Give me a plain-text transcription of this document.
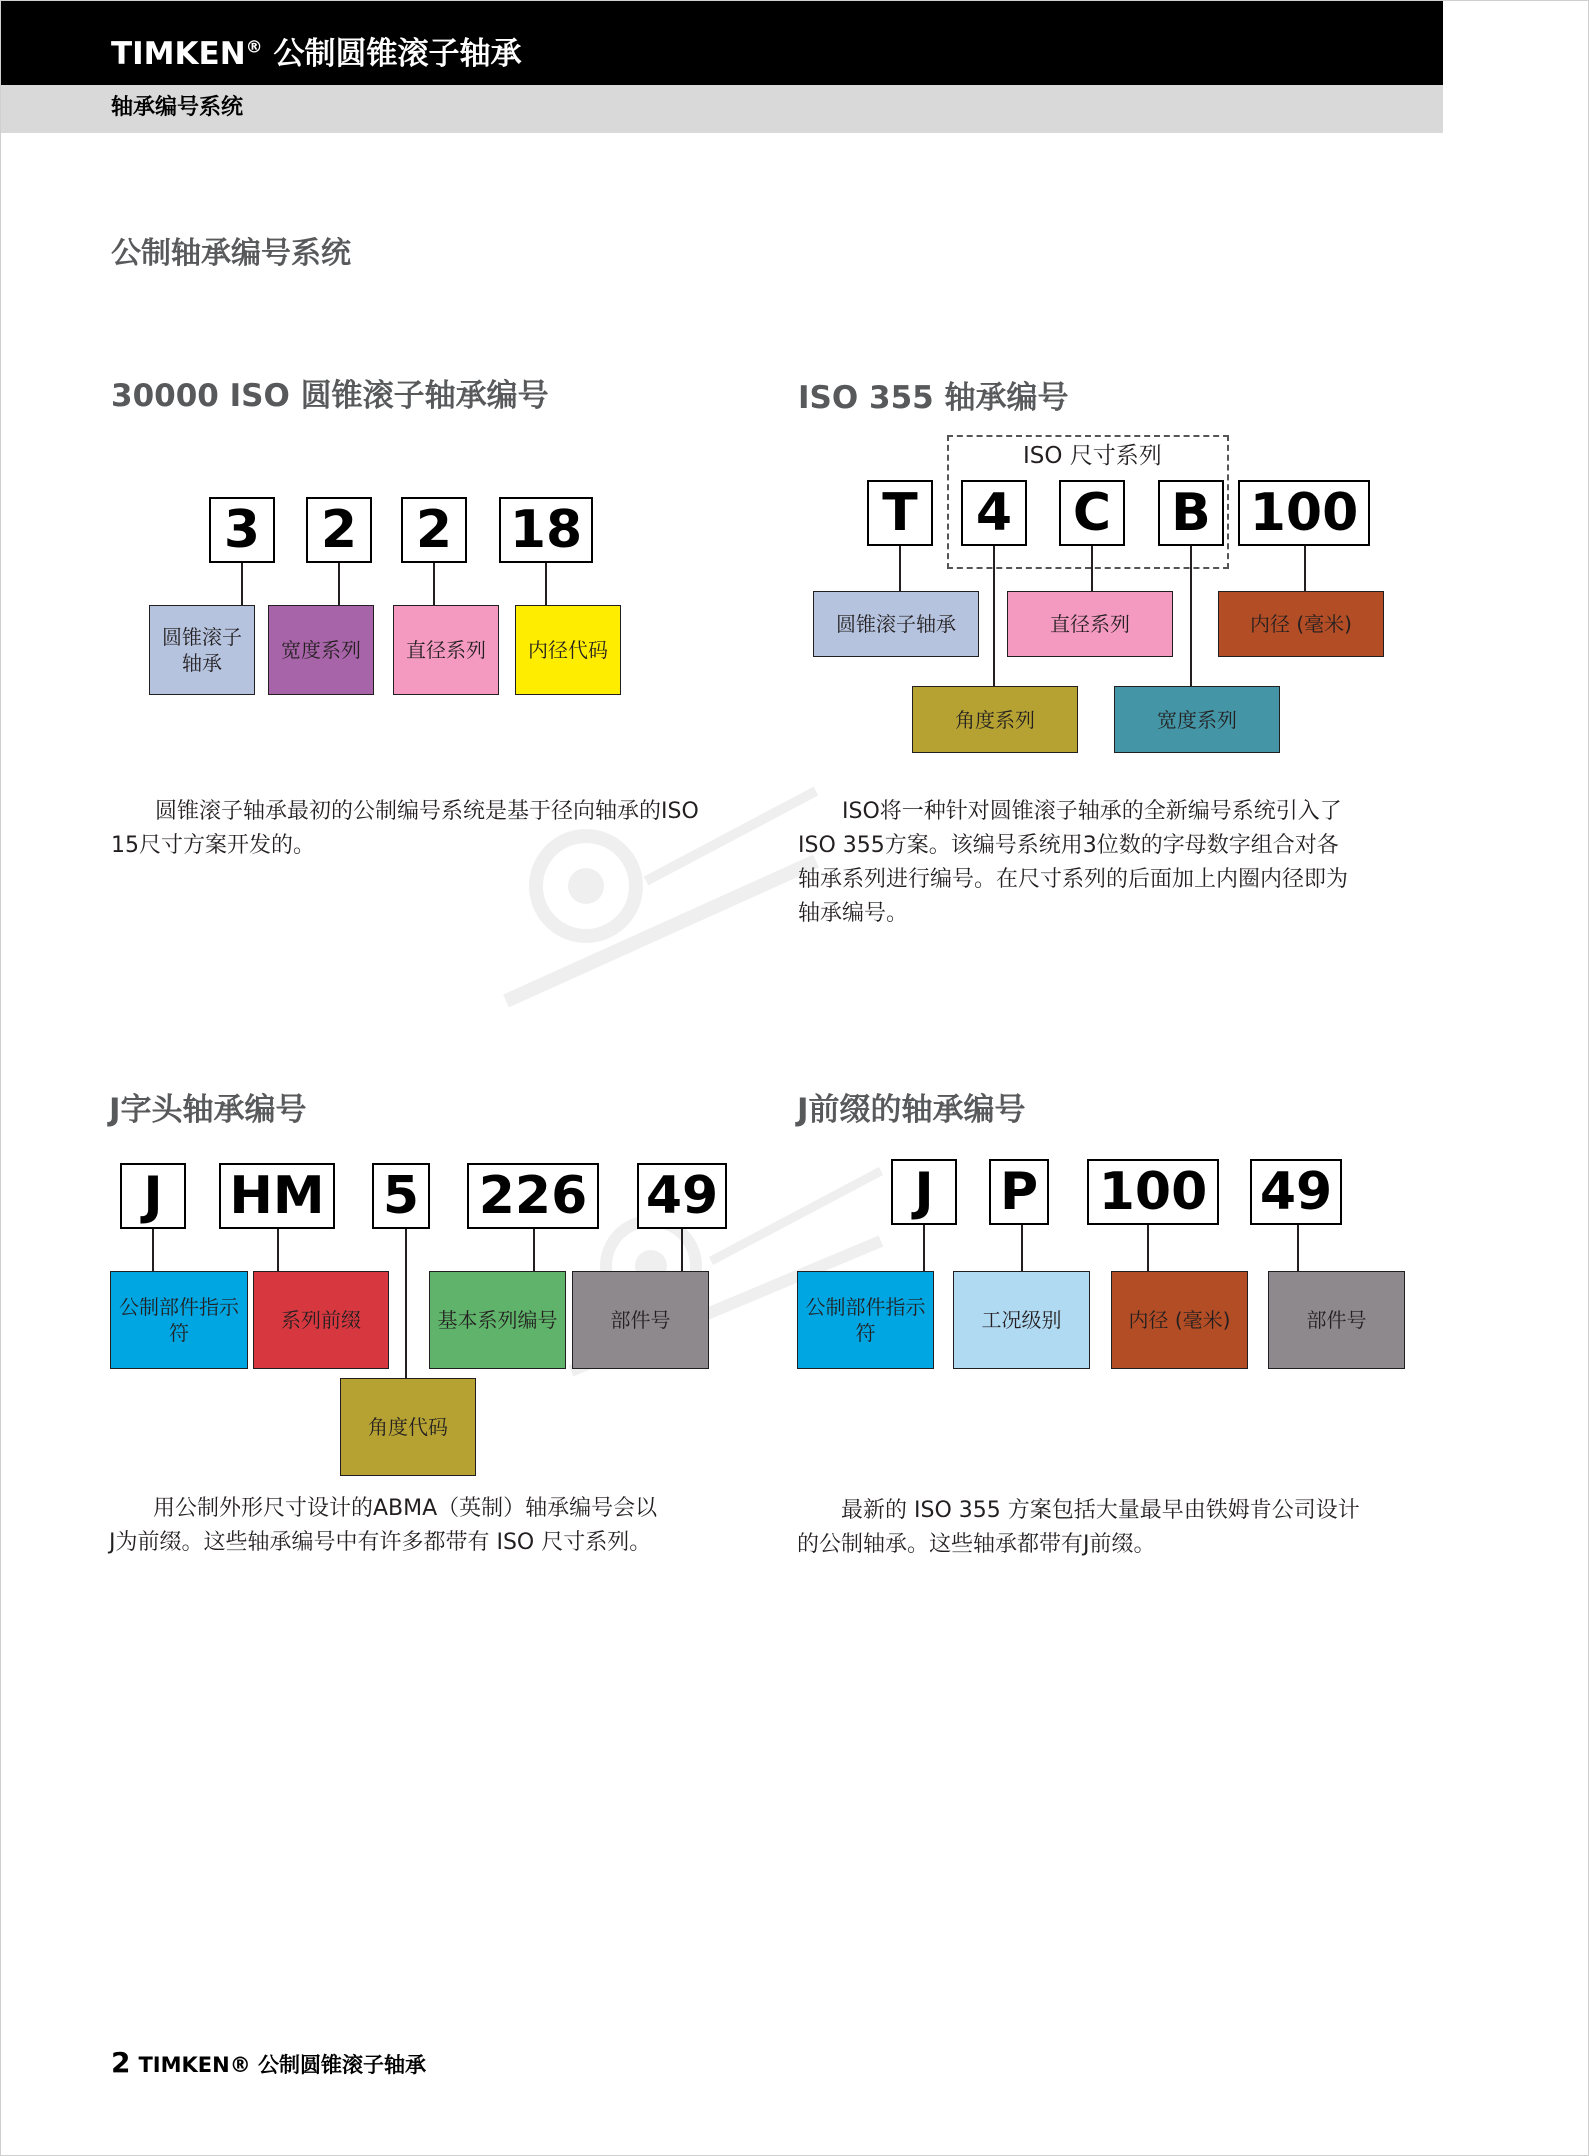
TIMKEN® 公制圆锥滚子轴承
轴承编号系统
公制轴承编号系统
30000 ISO 圆锥滚子轴承编号
3 2 2 18
圆锥滚子轴承
宽度系列	直径系列	内径代码

圆锥滚子轴承最初的公制编号系统是基于径向轴承的ISO 15尺寸方案开发的。

ISO 355 轴承编号
ISO 尺寸系列
T 4 C B 100
圆锥滚子轴承	直径系列	内径 (毫米)
角度系列	宽度系列

ISO将一种针对圆锥滚子轴承的全新编号系统引入了

ISO 355方案。该编号系统用3位数的字母数字组合对各

轴承系列进行编号。在尺寸系列的后面加上内圈内径即为

轴承编号。

J字头轴承编号
J	HM 5 226 49
公制部件指示符
系列前缀	基本系列编号	部件号
角度代码

用公制外形尺寸设计的ABMA（英制）轴承编号会以

J为前缀。这些轴承编号中有许多都带有 ISO 尺寸系列。

J前缀的轴承编号
J	P 100 49
公制部件指示符
工况级别	内径 (毫米)	部件号

最新的 ISO 355 方案包括大量最早由铁姆肯公司设计

的公制轴承。这些轴承都带有J前缀。

2 TIMKEN® 公制圆锥滚子轴承
